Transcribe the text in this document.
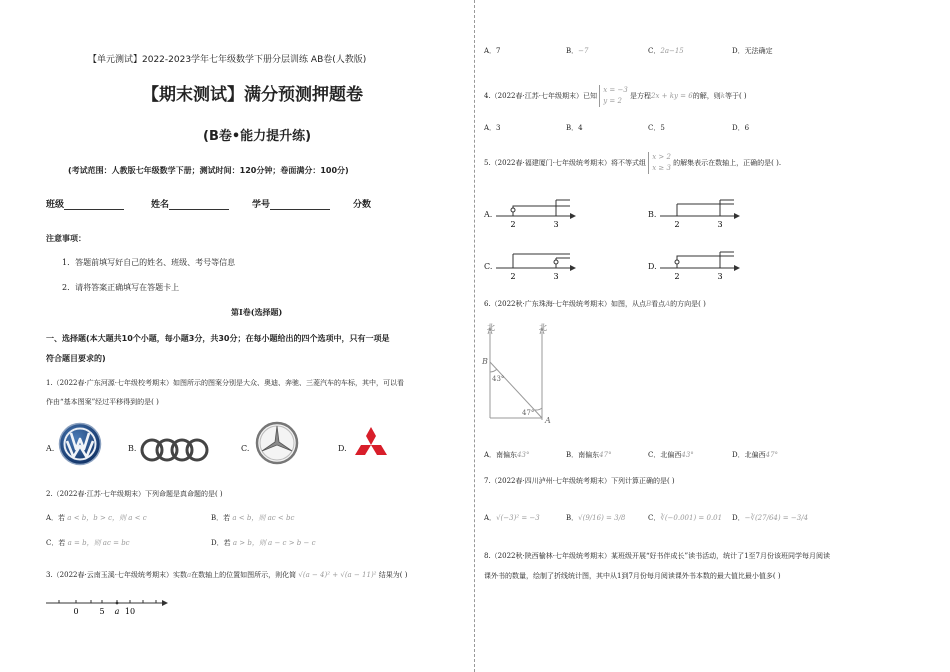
【单元测试】2022-2023学年七年级数学下册分层训练 AB卷(人教版)
【期末测试】满分预测押题卷
(B卷•能力提升练)
(考试范围：人教版七年级数学下册；测试时间：120分钟；卷面满分：100分)
班级	姓名	学号	分数
注意事项：
1．答题前填写好自己的姓名、班级、考号等信息
2．请将答案正确填写在答题卡上
第I卷(选择题)
一、选择题(本大题共10个小题，每小题3分，共30分；在每小题给出的四个选项中，只有一项是
符合题目要求的)
1.（2022春·广东河源·七年级校考期末）如图所示的图案分别是大众、奥迪、奔驰、三菱汽车的车标，其中，可以看
作由“基本图案”经过平移得到的是( )
A.	B.	C.	D.
2.（2022春·江苏·七年级期末）下列命题是真命题的是( )
A．若 a < b，b > c，则 a < c	B．若 a < b，则 ac < bc
C．若 a = b，则 ac = bc	D．若 a > b，则 a − c > b − c
3.（2022春·云南玉溪·七年级统考期末）实数a在数轴上的位置如图所示，则化简 √(a − 4)² + √(a − 11)² 结果为( )
0	5 a 10
A．7	B．−7	C．2a−15	D．无法确定
4.（2022春·江苏·七年级期末）已知 x = −3
y = 2 是方程2x + ky = 6的解，则k等于( )
A．3	B．4	C．5	D．6
5.（2022春·福建厦门·七年级统考期末）将不等式组 x > 2
x ≥ 3 的解集表示在数轴上，正确的是( ).
A.
2	3
B.
2	3
C.
2	3
D.
2	3
6.（2022秋·广东珠海·七年级统考期末）如图，从点B看点A的方向是( )
北	北
B
A
43°
47°
A．南偏东43°	B．南偏东47°	C．北偏西43°	D．北偏西47°
7.（2022春·四川泸州·七年级统考期末）下列计算正确的是( )
A．√(−3)² = −3	B．√(9/16) = 3/8	C．∛(−0.001) = 0.01 D．−∛(27/64) = −3/4
8.（2022秋·陕西榆林·七年级统考期末）某班级开展“好书伴成长”读书活动，统计了1至7月份该班同学每月阅读
课外书的数量，绘制了折线统计图，其中从1到7月份每月阅读课外书本数的最大值比最小值多( )
